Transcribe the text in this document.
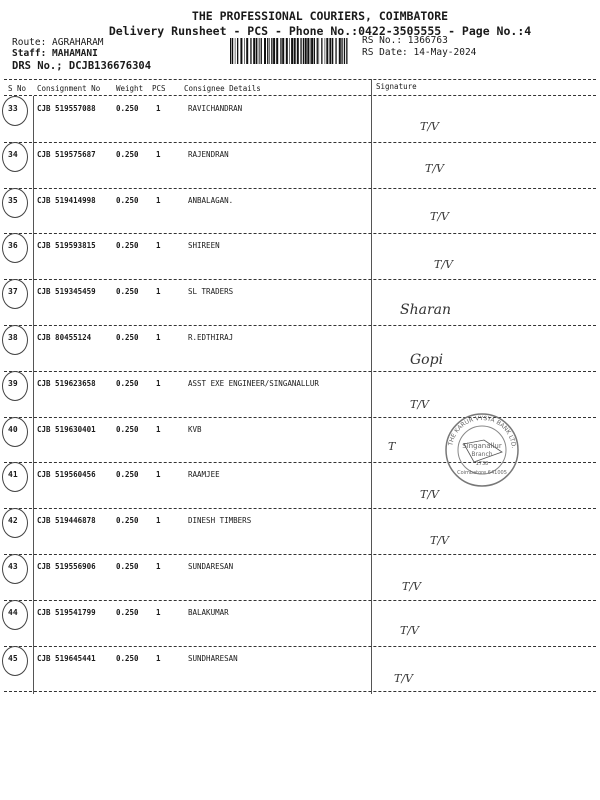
THE PROFESSIONAL COURIERS, COIMBATORE
Delivery Runsheet - PCS - Phone No.:0422-3505555 - Page No.:4
Route: AGRAHARAM
Staff: MAHAMANI
DRS No.; DCJB136676304
RS No.: 1366763
RS Date: 14-May-2024
S No Consignment No Weight PCS Consignee Details	Signature
33	CJB 519557088	0.250 1	RAVICHANDRAN
T/V
34	CJB 519575687	0.250 1	RAJENDRAN
T/V
35	CJB 519414998	0.250 1	ANBALAGAN.
T/V
36	CJB 519593815	0.250 1	SHIREEN
T/V
37	CJB 519345459	0.250 1	SL TRADERS
Sharan
38	CJB 80455124	0.250 1	R.EDTHIRAJ
Gopi
39	CJB 519623658	0.250 1	ASST EXE ENGINEER/SINGANALLUR
T/V
40	CJB 519630401	0.250 1	KVB
T
41	CJB 519560456	0.250 1	RAAMJEE
T/V
42	CJB 519446878	0.250 1	DINESH TIMBERS
T/V
43	CJB 519556906	0.250 1	SUNDARESAN
T/V
44	CJB 519541799	0.250 1	BALAKUMAR
T/V
45	CJB 519645441	0.250 1	SUNDHARESAN
T/V
THE KARUR VYSYA BANK LTD.
Singanallur
Branch
Coimbatore 641005
1738
